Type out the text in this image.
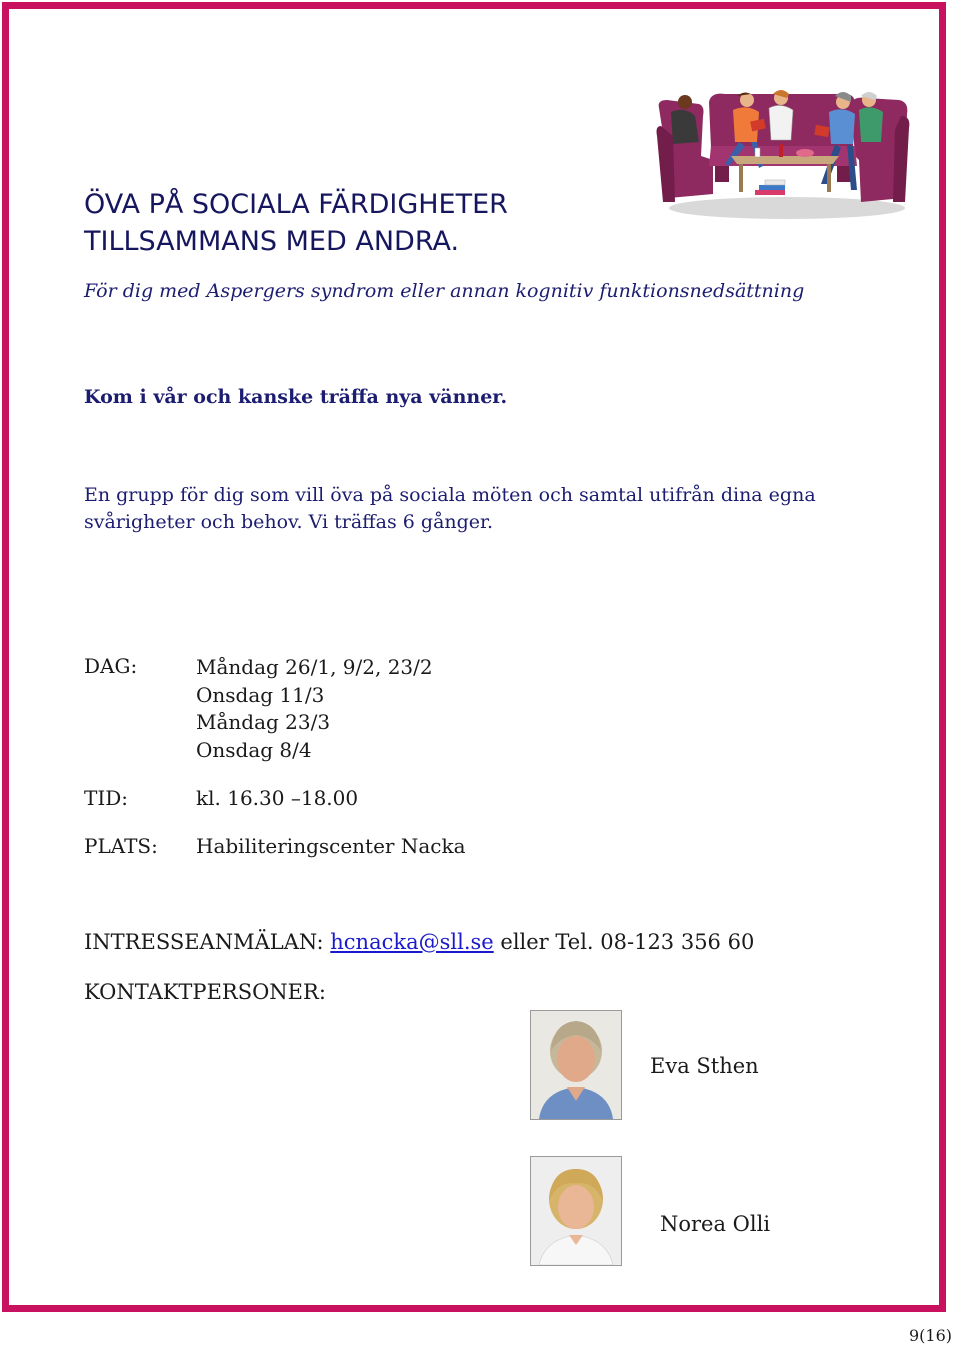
ÖVA PÅ SOCIALA FÄRDIGHETER
TILLSAMMANS MED ANDRA.
För dig med Aspergers syndrom eller annan kognitiv funktionsnedsättning
Kom i vår och kanske träffa nya vänner.
En grupp för dig som vill öva på sociala möten och samtal utifrån dina egna svårigheter och behov. Vi träffas 6 gånger.
DAG:	Måndag 26/1, 9/2, 23/2
Onsdag 11/3
Måndag 23/3
Onsdag 8/4
TID:	kl. 16.30 –18.00
PLATS: Habiliteringscenter Nacka
INTRESSEANMÄLAN: hcnacka@sll.se eller Tel. 08-123 356 60
KONTAKTPERSONER:
Eva Sthen
Norea Olli
9(16)
